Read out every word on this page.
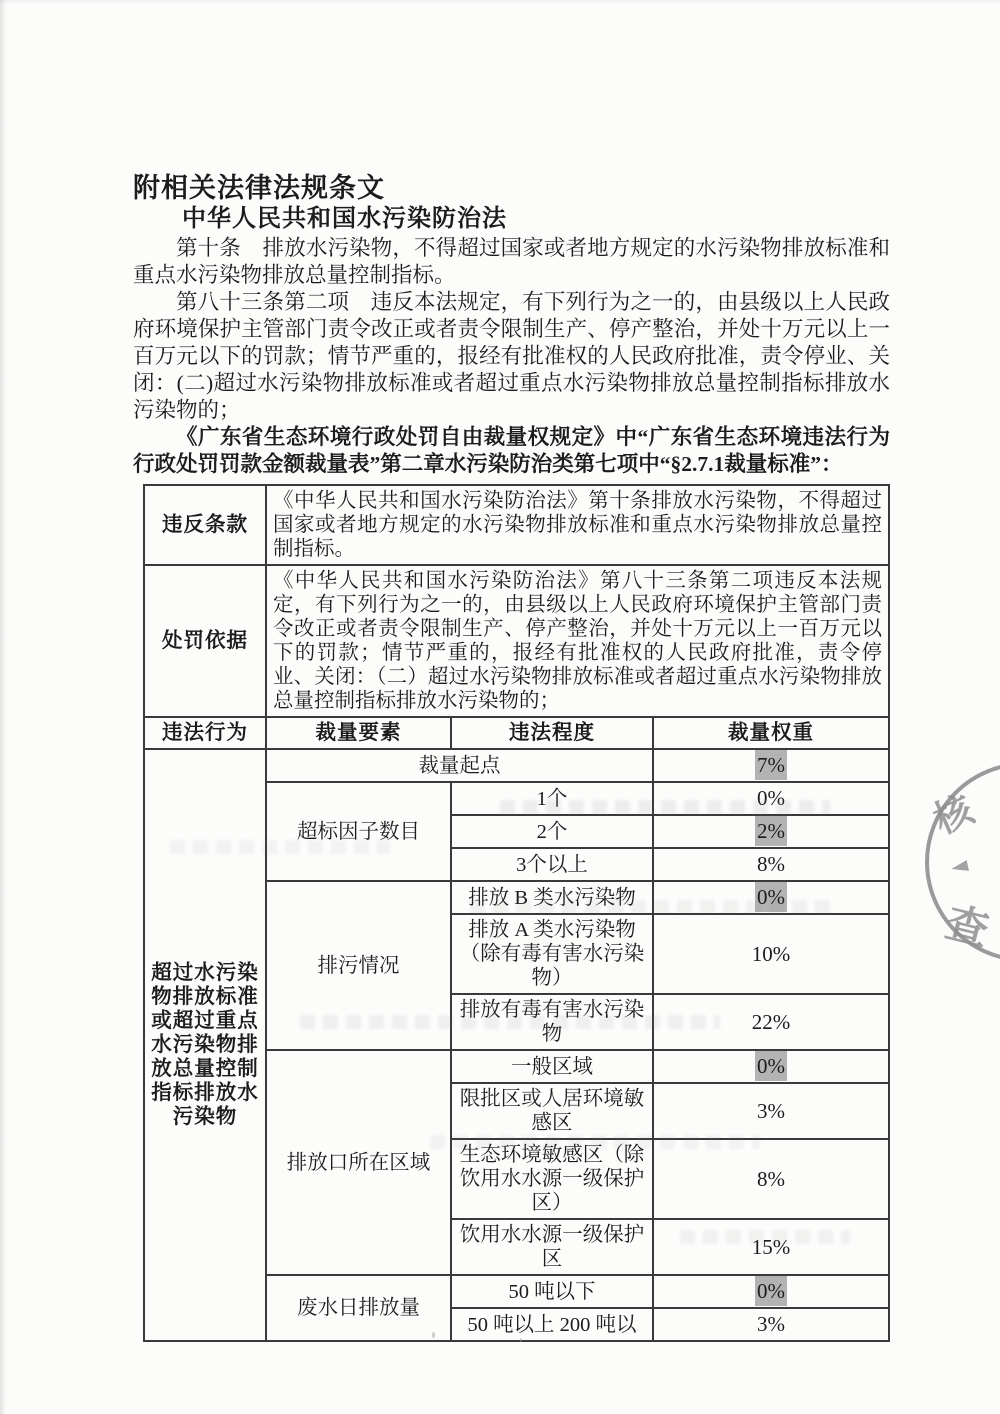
附相关法律法规条文
中华人民共和国水污染防治法

第十条　排放水污染物，不得超过国家或者地方规定的水污染物排放标准和重点水污染物排放总量控制指标。

第八十三条第二项　违反本法规定，有下列行为之一的，由县级以上人民政府环境保护主管部门责令改正或者责令限制生产、停产整治，并处十万元以上一百万元以下的罚款；情节严重的，报经有批准权的人民政府批准，责令停业、关闭：(二)超过水污染物排放标准或者超过重点水污染物排放总量控制指标排放水污染物的；

《广东省生态环境行政处罚自由裁量权规定》中“广东省生态环境违法行为行政处罚罚款金额裁量表”第二章水污染防治类第七项中“§2.7.1裁量标准”：

违反条款	《中华人民共和国水污染防治法》第十条排放水污染物，不得超过国家或者地方规定的水污染物排放标准和重点水污染物排放总量控制指标。		
处罚依据	《中华人民共和国水污染防治法》第八十三条第二项违反本法规定，有下列行为之一的，由县级以上人民政府环境保护主管部门责令改正或者责令限制生产、停产整治，并处十万元以上一百万元以下的罚款；情节严重的，报经有批准权的人民政府批准，责令停业、关闭：（二）超过水污染物排放标准或者超过重点水污染物排放总量控制指标排放水污染物的；		
违法行为	裁量要素	违法程度	裁量权重
超过水污染物排放标准或超过重点水污染物排放总量控制指标排放水污染物	裁量起点		7%
	超标因子数目	1个	0%
		2个	2%
		3个以上	8%
	排污情况	排放 B 类水污染物	0%
		排放 A 类水污染物（除有毒有害水污染物）	10%
		排放有毒有害水污染物	22%
	排放口所在区域	一般区域	0%
		限批区或人居环境敏感区	3%
		生态环境敏感区（除饮用水水源一级保护区）	8%
		饮用水水源一级保护区	15%
	废水日排放量	50 吨以下	0%
		50 吨以上 200 吨以	3%
核
查
◄
